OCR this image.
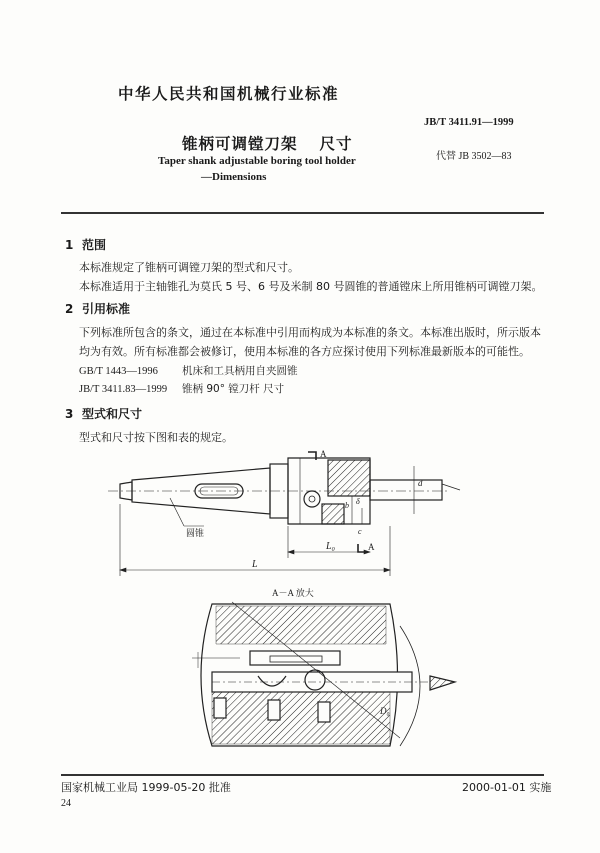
中华人民共和国机械行业标准
JB/T 3411.91—1999
锥柄可调镗刀架 尺寸
代替 JB 3502—83
Taper shank adjustable boring tool holder
—Dimensions
1 范围
本标准规定了锥柄可调镗刀架的型式和尺寸。
本标准适用于主轴锥孔为莫氏 5 号、6 号及米制 80 号圆锥的普通镗床上所用锥柄可调镗刀架。
2 引用标准
下列标准所包含的条文，通过在本标准中引用而构成为本标准的条文。本标准出版时，所示版本均为有效。所有标准都会被修订，使用本标准的各方应探讨使用下列标准最新版本的可能性。
GB/T 1443—1996 机床和工具柄用自夹圆锥
JB/T 3411.83—1999 锥柄 90° 镗刀杆 尺寸
3 型式和尺寸
型式和尺寸按下图和表的规定。
A
A
圆锥
L
L₀
d
b
c
δ
A－A 放大
D₀
国家机械工业局 1999-05-20 批准	2000-01-01 实施
24
